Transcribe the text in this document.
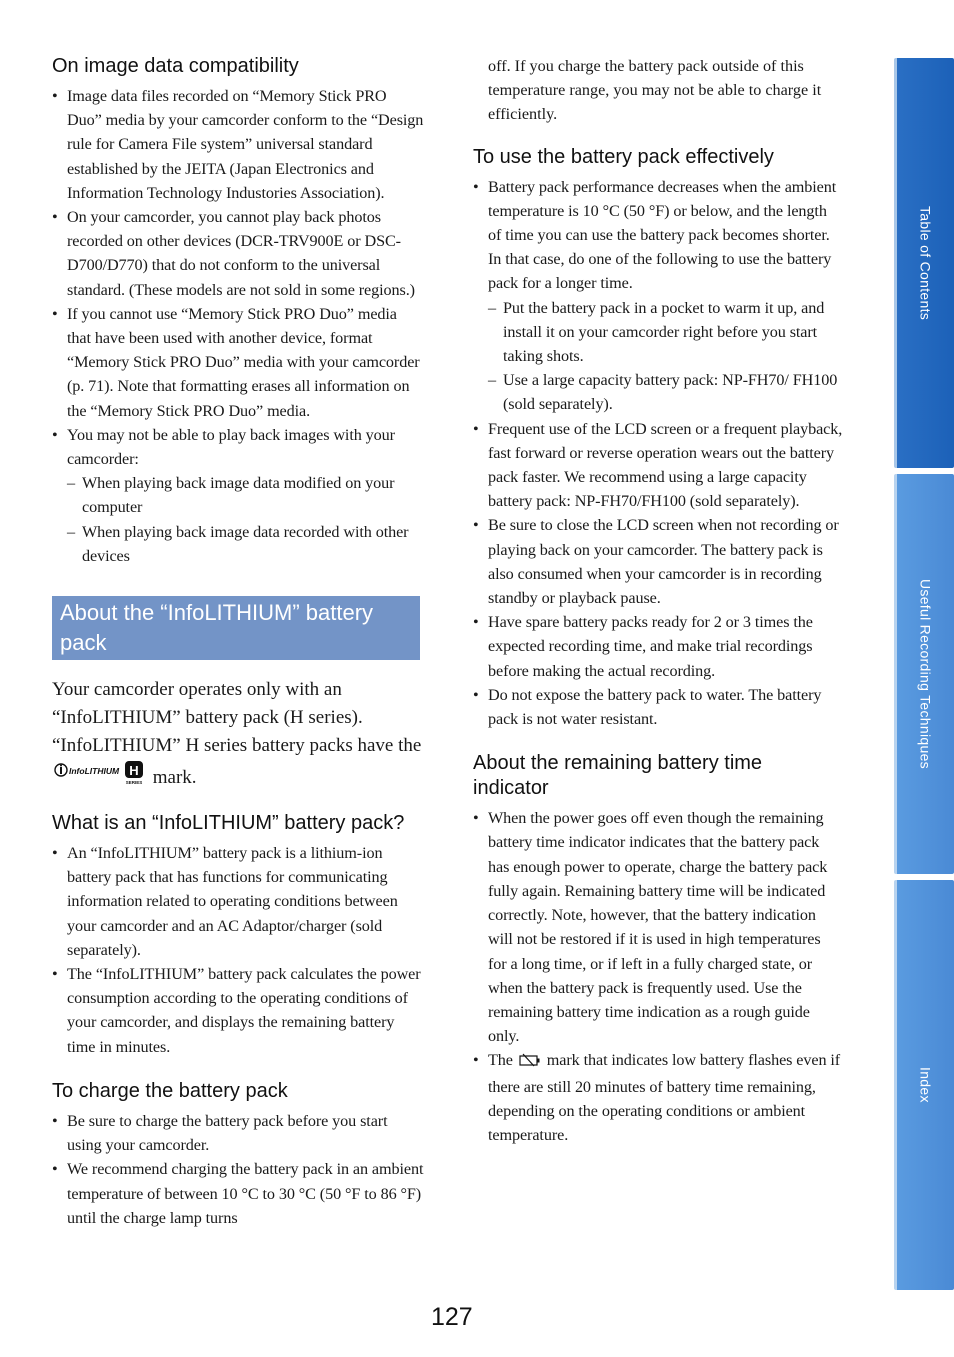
On image data compatibility
• Image data files recorded on “Memory Stick PRO Duo” media by your camcorder conform to the “Design rule for Camera File system” universal standard established by the JEITA (Japan Electronics and Information Technology Industories Association).
• On your camcorder, you cannot play back photos recorded on other devices (DCR-TRV900E or DSC-D700/D770) that do not conform to the universal standard. (These models are not sold in some regions.)
• If you cannot use “Memory Stick PRO Duo” media that have been used with another device, format “Memory Stick PRO Duo” media with your camcorder (p. 71). Note that formatting erases all information on the “Memory Stick PRO Duo” media.
• You may not be able to play back images with your camcorder:
– When playing back image data modified on your computer
– When playing back image data recorded with other devices
About the “InfoLITHIUM” battery pack
Your camcorder operates only with an “InfoLITHIUM” battery pack (H series). “InfoLITHIUM” H series battery packs have the
InfoLITHIUM H
SERIES mark.
What is an “InfoLITHIUM” battery pack?
• An “InfoLITHIUM” battery pack is a lithium-ion battery pack that has functions for communicating information related to operating conditions between your camcorder and an AC Adaptor/charger (sold separately).
• The “InfoLITHIUM” battery pack calculates the power consumption according to the operating conditions of your camcorder, and displays the remaining battery time in minutes.
To charge the battery pack
• Be sure to charge the battery pack before you start using your camcorder.
• We recommend charging the battery pack in an ambient temperature of between 10 °C to 30 °C (50 °F to 86 °F) until the charge lamp turns

off. If you charge the battery pack outside of this temperature range, you may not be able to charge it efficiently.

To use the battery pack effectively
• Battery pack performance decreases when the ambient temperature is 10 °C (50 °F) or below, and the length of time you can use the battery pack becomes shorter. In that case, do one of the following to use the battery pack for a longer time.
– Put the battery pack in a pocket to warm it up, and install it on your camcorder right before you start taking shots.
– Use a large capacity battery pack: NP-FH70/ FH100 (sold separately).
• Frequent use of the LCD screen or a frequent playback, fast forward or reverse operation wears out the battery pack faster. We recommend using a large capacity battery pack: NP-FH70/FH100 (sold separately).
• Be sure to close the LCD screen when not recording or playing back on your camcorder. The battery pack is also consumed when your camcorder is in recording standby or playback pause.
• Have spare battery packs ready for 2 or 3 times the expected recording time, and make trial recordings before making the actual recording.
• Do not expose the battery pack to water. The battery pack is not water resistant.
About the remaining battery time indicator
• When the power goes off even though the remaining battery time indicator indicates that the battery pack has enough power to operate, charge the battery pack fully again. Remaining battery time will be indicated correctly. Note, however, that the battery indication will not be restored if it is used in high temperatures for a long time, or if left in a fully charged state, or when the battery pack is frequently used. Use the remaining battery time indication as a rough guide only.
• The mark that indicates low battery flashes even if there are still 20 minutes of battery time remaining, depending on the operating conditions or ambient temperature.
Table of Contents
Useful Recording Techniques
Index
127
